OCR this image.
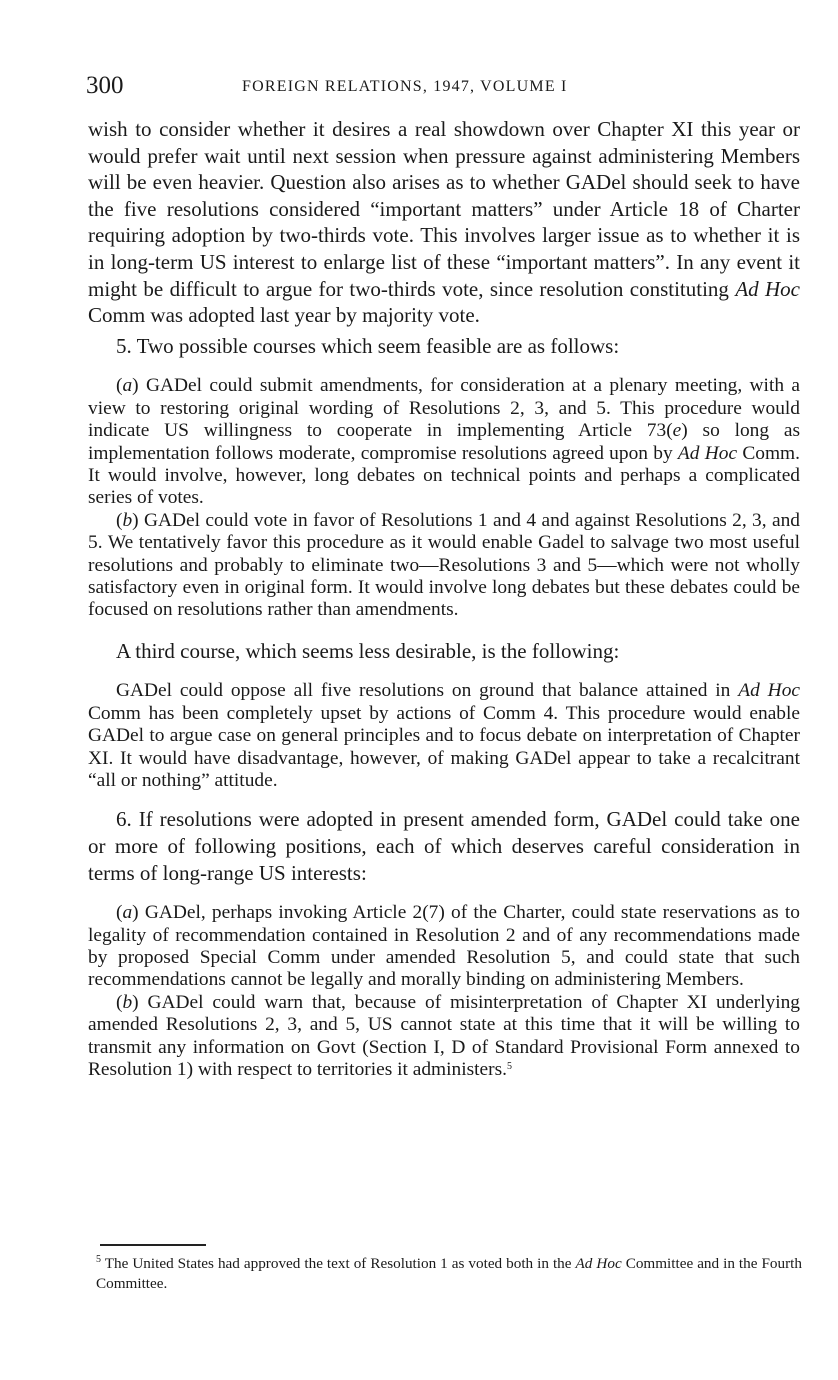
300	FOREIGN RELATIONS, 1947, VOLUME I

wish to consider whether it desires a real showdown over Chapter XI this year or would prefer wait until next session when pressure against administering Members will be even heavier. Question also arises as to whether GADel should seek to have the five resolutions considered “important matters” under Article 18 of Charter requiring adoption by two-thirds vote. This involves larger issue as to whether it is in long-term US interest to enlarge list of these “important matters”. In any event it might be difficult to argue for two-thirds vote, since resolution constituting Ad Hoc Comm was adopted last year by majority vote.

5. Two possible courses which seem feasible are as follows:

(a) GADel could submit amendments, for consideration at a plenary meeting, with a view to restoring original wording of Resolutions 2, 3, and 5. This procedure would indicate US willingness to cooperate in implementing Article 73(e) so long as implementation follows moderate, compromise resolutions agreed upon by Ad Hoc Comm. It would involve, however, long debates on technical points and perhaps a complicated series of votes.

(b) GADel could vote in favor of Resolutions 1 and 4 and against Resolutions 2, 3, and 5. We tentatively favor this procedure as it would enable Gadel to salvage two most useful resolutions and probably to eliminate two—Resolutions 3 and 5—which were not wholly satisfactory even in original form. It would involve long debates but these debates could be focused on resolutions rather than amendments.

A third course, which seems less desirable, is the following:

GADel could oppose all five resolutions on ground that balance attained in Ad Hoc Comm has been completely upset by actions of Comm 4. This procedure would enable GADel to argue case on general principles and to focus debate on interpretation of Chapter XI. It would have disadvantage, however, of making GADel appear to take a recalcitrant “all or nothing” attitude.

6. If resolutions were adopted in present amended form, GADel could take one or more of following positions, each of which deserves careful consideration in terms of long-range US interests:

(a) GADel, perhaps invoking Article 2(7) of the Charter, could state reservations as to legality of recommendation contained in Resolution 2 and of any recommendations made by proposed Special Comm under amended Resolution 5, and could state that such recommendations cannot be legally and morally binding on administering Members.

(b) GADel could warn that, because of misinterpretation of Chapter XI underlying amended Resolutions 2, 3, and 5, US cannot state at this time that it will be willing to transmit any information on Govt (Section I, D of Standard Provisional Form annexed to Resolution 1) with respect to territories it administers.$^5$

$^5$ The United States had approved the text of Resolution 1 as voted both in the Ad Hoc Committee and in the Fourth Committee.
